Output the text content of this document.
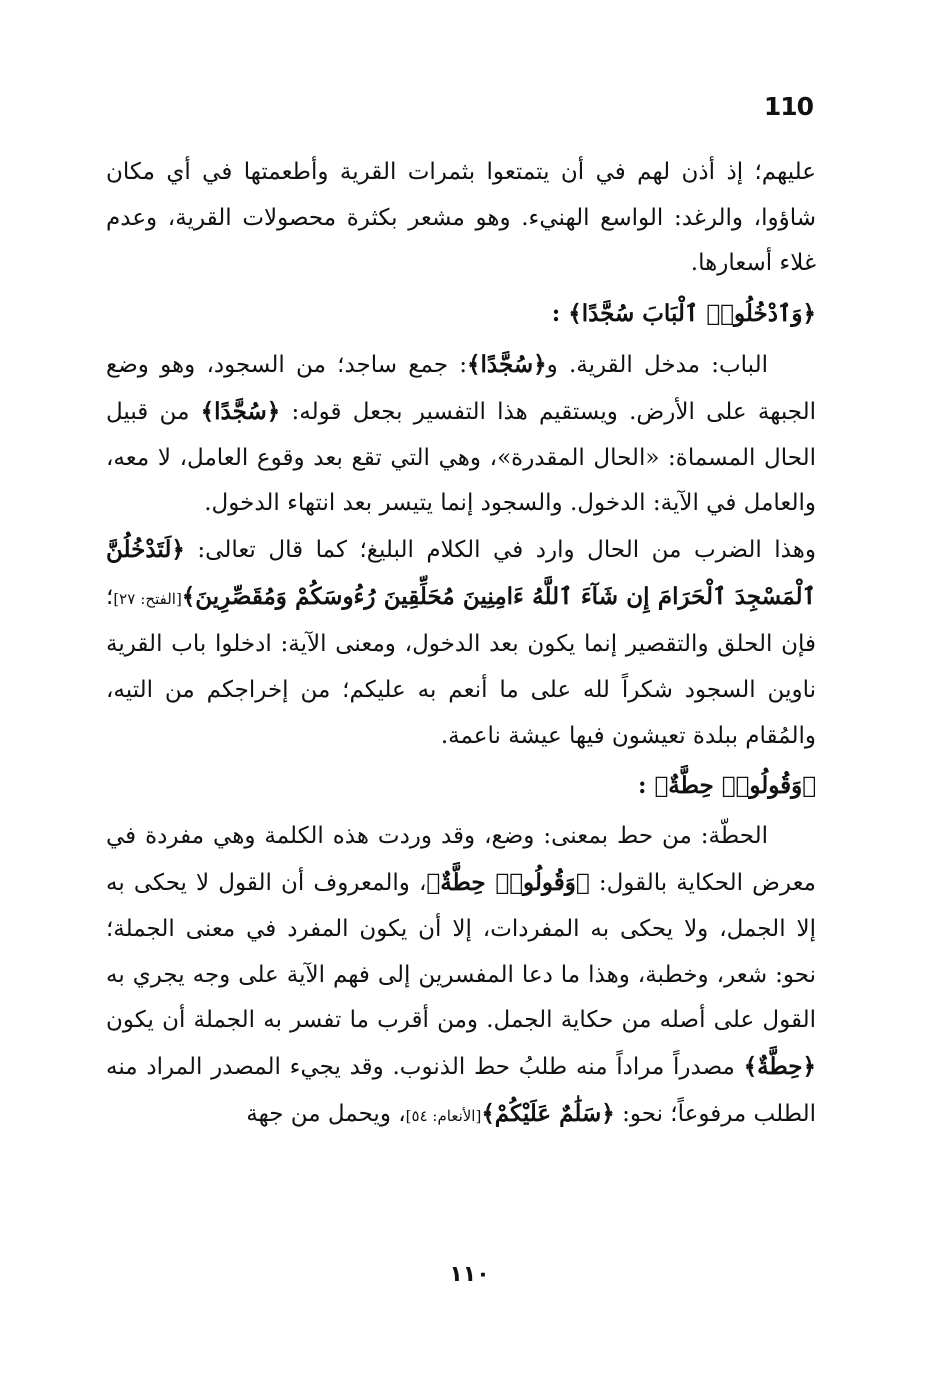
110

عليهم؛ إذ أذن لهم في أن يتمتعوا بثمرات القرية وأطعمتها في أي مكان شاؤوا، والرغد: الواسع الهنيء. وهو مشعر بكثرة محصولات القرية، وعدم غلاء أسعارها.

﴿وَٱدْخُلُوا۟ ٱلْبَابَ سُجَّدًا﴾ :

الباب: مدخل القرية. و﴿سُجَّدًا﴾: جمع ساجد؛ من السجود، وهو وضع الجبهة على الأرض. ويستقيم هذا التفسير بجعل قوله: ﴿سُجَّدًا﴾ من قبيل الحال المسماة: «الحال المقدرة»، وهي التي تقع بعد وقوع العامل، لا معه، والعامل في الآية: الدخول. والسجود إنما يتيسر بعد انتهاء الدخول.

وهذا الضرب من الحال وارد في الكلام البليغ؛ كما قال تعالى: ﴿لَتَدْخُلُنَّ ٱلْمَسْجِدَ ٱلْحَرَامَ إِن شَآءَ ٱللَّهُ ءَامِنِينَ مُحَلِّقِينَ رُءُوسَكُمْ وَمُقَصِّرِينَ﴾[الفتح: ٢٧]؛ فإن الحلق والتقصير إنما يكون بعد الدخول، ومعنى الآية: ادخلوا باب القرية ناوين السجود شكراً لله على ما أنعم به عليكم؛ من إخراجكم من التيه، والمُقام ببلدة تعيشون فيها عيشة ناعمة.

﴿وَقُولُوا۟ حِطَّةٌ﴾ :

الحطّة: من حط بمعنى: وضع، وقد وردت هذه الكلمة وهي مفردة في معرض الحكاية بالقول: ﴿وَقُولُوا۟ حِطَّةٌ﴾، والمعروف أن القول لا يحكى به إلا الجمل، ولا يحكى به المفردات، إلا أن يكون المفرد في معنى الجملة؛ نحو: شعر، وخطبة، وهذا ما دعا المفسرين إلى فهم الآية على وجه يجري به القول على أصله من حكاية الجمل. ومن أقرب ما تفسر به الجملة أن يكون ﴿حِطَّةٌ﴾ مصدراً مراداً منه طلبُ حط الذنوب. وقد يجيء المصدر المراد منه الطلب مرفوعاً؛ نحو: ﴿سَلَٰمٌ عَلَيْكُمْ﴾[الأنعام: ٥٤]، ويحمل من جهة

١١٠
